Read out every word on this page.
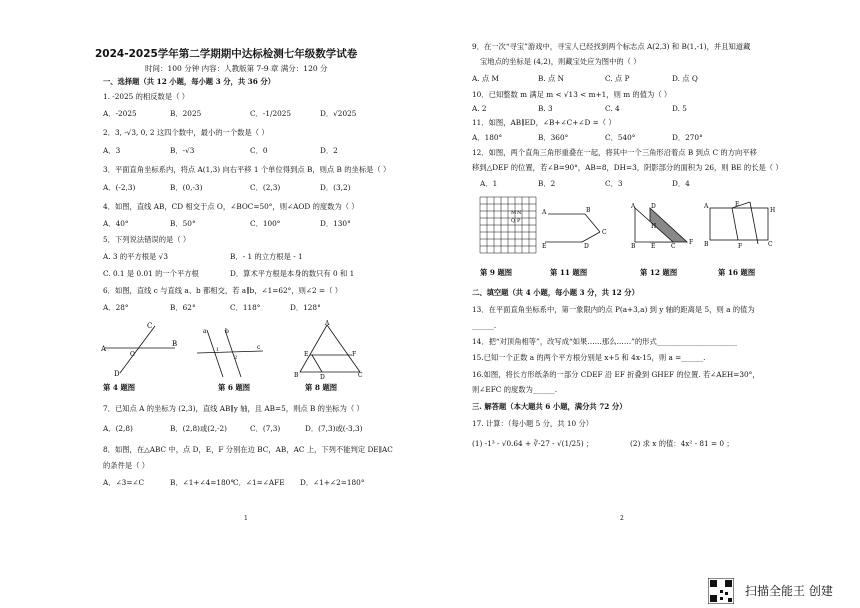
2024-2025学年第二学期期中达标检测七年级数学试卷
时间：100 分钟 内容：人教版第 7-9 章 满分：120 分
一、选择题（共 12 小题，每小题 3 分，共 36 分）
1. -2025 的相反数是（ ）
A．-2025	B．2025	C．-1/2025	D．√2025
2．3, -√3, 0, 2 这四个数中，最小的一个数是（ ）
A．3	B．-√3	C．0	D．2
3．平面直角坐标系内，将点 A(1,3) 向右平移 1 个单位得到点 B，则点 B 的坐标是（ ）
A．(-2,3)	B．(0,-3)	C．(2,3)	D．(3,2)
4．如图，直线 AB，CD 相交于点 O，∠BOC=50°，则∠AOD 的度数为（ ）
A．40°	B．50°	C．100°	D．130°
5．下列说法错误的是（ ）
A. 3 的平方根是 √3	B．- 1 的立方根是 - 1
C. 0.1 是 0.01 的一个平方根	D．算术平方根是本身的数只有 0 和 1
6．如图，直线 c 与直线 a、b 都相交，若 a∥b，∠1=62°，则∠2 =（ ）
A．28°	B．62°	C．118°	D．128°
A
B
C
D
O
第 4 题图
a	b
c
1
2
第 6 题图
A
B	C
D
E	F
第 8 题图
7．已知点 A 的坐标为 (2,3)，直线 AB∥y 轴，且 AB=5，则点 B 的坐标为（ ）
A．(2,8)	B．(2,8)或(2,-2)	C．(7,3)	D．(7,3)或(-3,3)
8．如图，在△ABC 中，点 D，E，F 分别在边 BC，AB，AC 上，下列不能判定 DE∥AC
的条件是（ ）
A．∠3=∠C	B．∠1+∠4=180° C．∠1=∠AFE D．∠1+∠2=180°
1
9．在一次“寻宝”游戏中，寻宝人已经找到两个标志点 A(2,3) 和 B(1,-1)，并且知道藏
宝地点的坐标是 (4,2)，则藏宝处应为图中的（ ）
A. 点 M	B. 点 N	C. 点 P	D. 点 Q
10．已知整数 m 满足 m < √13 < m+1，则 m 的值为（ ）
A. 2	B. 3	C. 4	D. 5
11．如图，AB∥ED，∠B+∠C+∠D =（ ）
A．180°	B．360°	C．540°	D．270°
12．如图，两个直角三角形重叠在一起，将其中一个三角形沿着点 B 到点 C 的方向平移
移到△DEF 的位置，若∠B=90°，AB=8，DH=3，阴影部分的面积为 26，则 BE 的长是（ ）
A．1	B．2	C．3	D．4
M N
Q P
第 9 题图
A	B
C
D
E
第 11 题图
A	D
B	E	C
F
H
第 12 题图
A	E
H
B	F	C
第 16 题图
二、填空题（共 4 小题，每小题 3 分，共 12 分）
13．在平面直角坐标系中，第一象限内的点 P(a+3,a) 到 y 轴的距离是 5，则 a 的值为
______.
14．把“对顶角相等”，改写成“如果……那么……”的形式______________________
15.已知一个正数 a 的两个平方根分别是 x+5 和 4x-15，则 a =______.
16.如图，将长方形纸条的一部分 CDEF 沿 EF 折叠到 GHEF 的位置. 若∠AEH=30°，
则∠EFC 的度数为______.
三. 解答题（本大题共 6 小题，满分共 72 分）
17. 计算：（每小题 5 分，共 10 分）
(1) -1³ - √0.64 + ∛-27 - √(1/25) ；	(2) 求 x 的值：4x² - 81 = 0 ；
2
扫描全能王 创建
